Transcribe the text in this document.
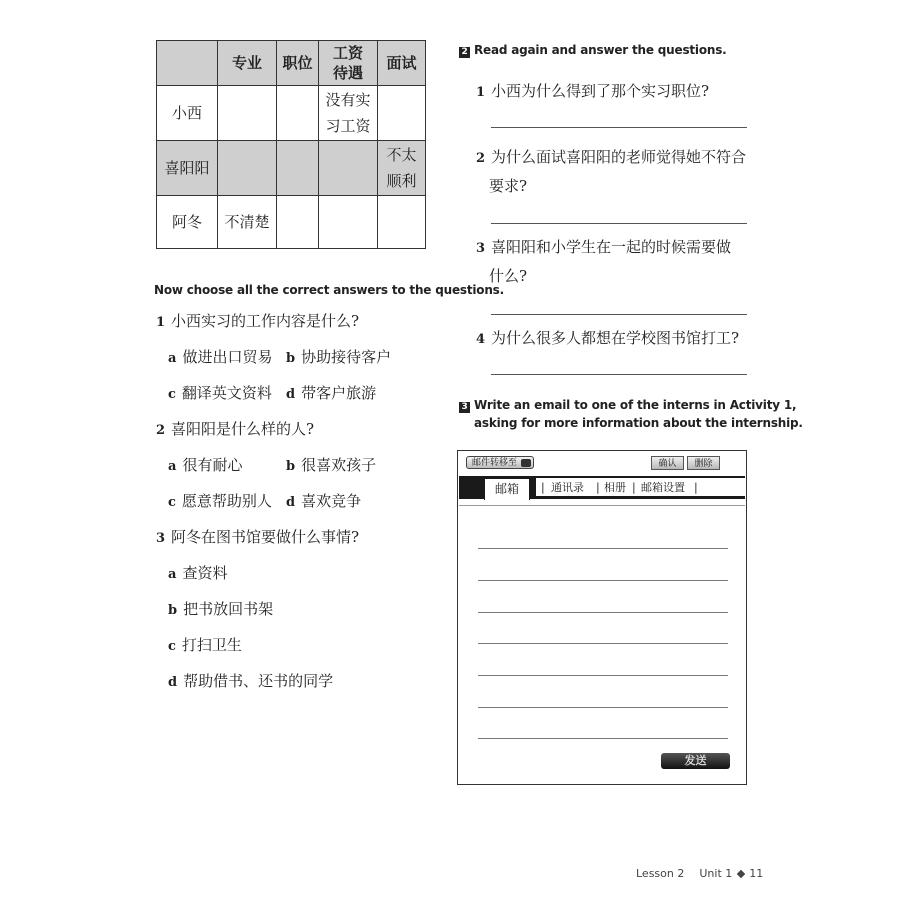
	专业	职位	工资待遇	面试
小西			没有实习工资	
喜阳阳				不太顺利
阿冬	不清楚			
Now choose all the correct answers to the questions.
1 小西实习的工作内容是什么?
a 做进出口贸易 b 协助接待客户
c 翻译英文资料 d 带客户旅游
2 喜阳阳是什么样的人?
a 很有耐心	b 很喜欢孩子
c 愿意帮助别人 d 喜欢竞争
3 阿冬在图书馆要做什么事情?
a 查资料
b 把书放回书架
c 打扫卫生
d 帮助借书、还书的同学
2 Read again and answer the questions.
1 小西为什么得到了那个实习职位?
2 为什么面试喜阳阳的老师觉得她不符合
要求?
3 喜阳阳和小学生在一起的时候需要做
什么?
4 为什么很多人都想在学校图书馆打工?
3 Write an email to one of the interns in Activity 1,
asking for more information about the internship.
邮件转移至	确认	删除
邮箱	| 通讯录 | 相册 | 邮箱设置 |
发送
Lesson 2 Unit 1 11
